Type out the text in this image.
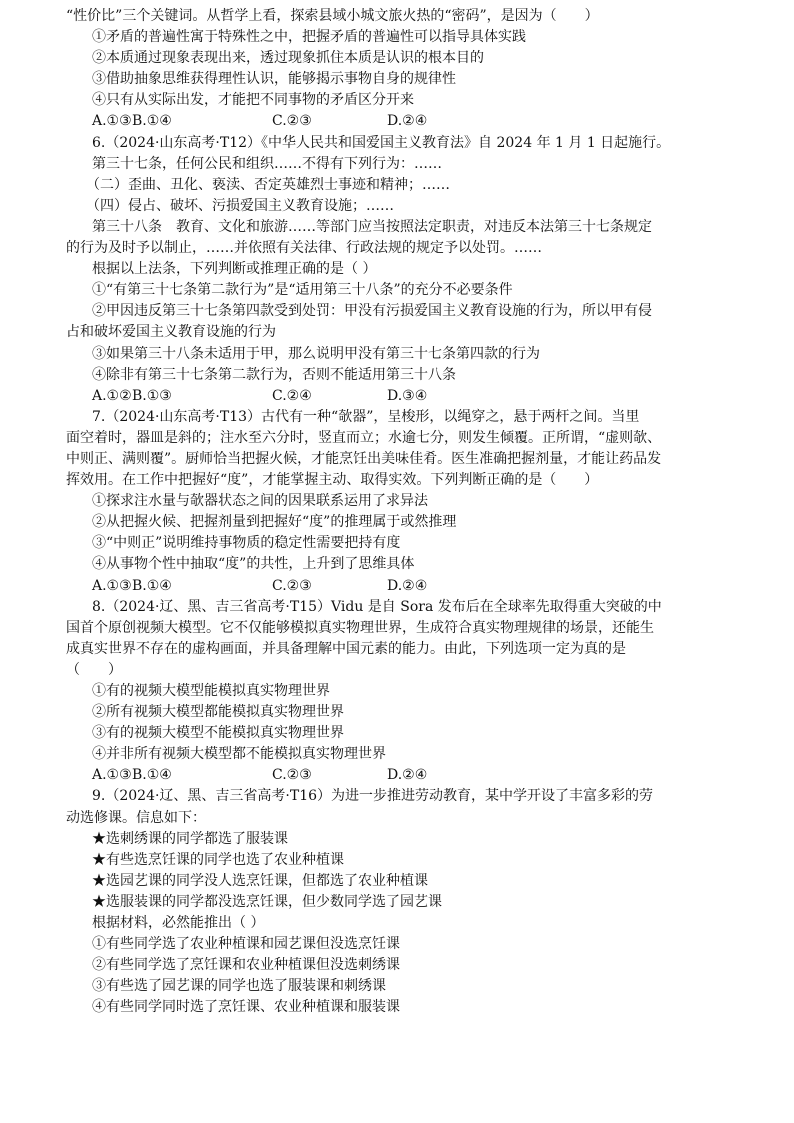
“性价比”三个关键词。从哲学上看，探索县域小城文旅火热的“密码”，是因为（　　）
①矛盾的普遍性寓于特殊性之中，把握矛盾的普遍性可以指导具体实践
②本质通过现象表现出来，透过现象抓住本质是认识的根本目的
③借助抽象思维获得理性认识，能够揭示事物自身的规律性
④只有从实际出发，才能把不同事物的矛盾区分开来
A.①③ B.①④	C.②③	D.②④
6.（2024·山东高考·T12）《中华人民共和国爱国主义教育法》自 2024 年 1 月 1 日起施行。
第三十七条，任何公民和组织……不得有下列行为：……
（二）歪曲、丑化、亵渎、否定英雄烈士事迹和精神；……
（四）侵占、破坏、污损爱国主义教育设施；……
第三十八条　教育、文化和旅游……等部门应当按照法定职责，对违反本法第三十七条规定
的行为及时予以制止，……并依照有关法律、行政法规的规定予以处罚。……
根据以上法条，下列判断或推理正确的是（ ）
①“有第三十七条第二款行为”是“适用第三十八条”的充分不必要条件
②甲因违反第三十七条第四款受到处罚：甲没有污损爱国主义教育设施的行为，所以甲有侵
占和破坏爱国主义教育设施的行为
③如果第三十八条未适用于甲，那么说明甲没有第三十七条第四款的行为
④除非有第三十七条第二款行为，否则不能适用第三十八条
A.①② B.①③	C.②④	D.③④
7.（2024·山东高考·T13）古代有一种“欹器”，呈梭形，以绳穿之，悬于两杆之间。当里
面空着时，器皿是斜的；注水至六分时，竖直而立；水逾七分，则发生倾覆。正所谓，“虚则欹、
中则正、满则覆”。厨师恰当把握火候，才能烹饪出美味佳肴。医生准确把握剂量，才能让药品发
挥效用。在工作中把握好“度”，才能掌握主动、取得实效。下列判断正确的是（　　）
①探求注水量与欹器状态之间的因果联系运用了求异法
②从把握火候、把握剂量到把握好“度”的推理属于或然推理
③“中则正”说明维持事物质的稳定性需要把持有度
④从事物个性中抽取“度”的共性，上升到了思维具体
A.①③ B.①④	C.②③	D.②④
8.（2024·辽、黑、吉三省高考·T15）Vidu 是自 Sora 发布后在全球率先取得重大突破的中
国首个原创视频大模型。它不仅能够模拟真实物理世界，生成符合真实物理规律的场景，还能生
成真实世界不存在的虚构画面，并具备理解中国元素的能力。由此，下列选项一定为真的是
（　　）
①有的视频大模型能模拟真实物理世界
②所有视频大模型都能模拟真实物理世界
③有的视频大模型不能模拟真实物理世界
④并非所有视频大模型都不能模拟真实物理世界
A.①③ B.①④	C.②③	D.②④
9.（2024·辽、黑、吉三省高考·T16）为进一步推进劳动教育，某中学开设了丰富多彩的劳
动选修课。信息如下：
★选刺绣课的同学都选了服装课
★有些选烹饪课的同学也选了农业种植课
★选园艺课的同学没人选烹饪课，但都选了农业种植课
★选服装课的同学都没选烹饪课，但少数同学选了园艺课
根据材料，必然能推出（ ）
①有些同学选了农业种植课和园艺课但没选烹饪课
②有些同学选了烹饪课和农业种植课但没选刺绣课
③有些选了园艺课的同学也选了服装课和刺绣课
④有些同学同时选了烹饪课、农业种植课和服装课
